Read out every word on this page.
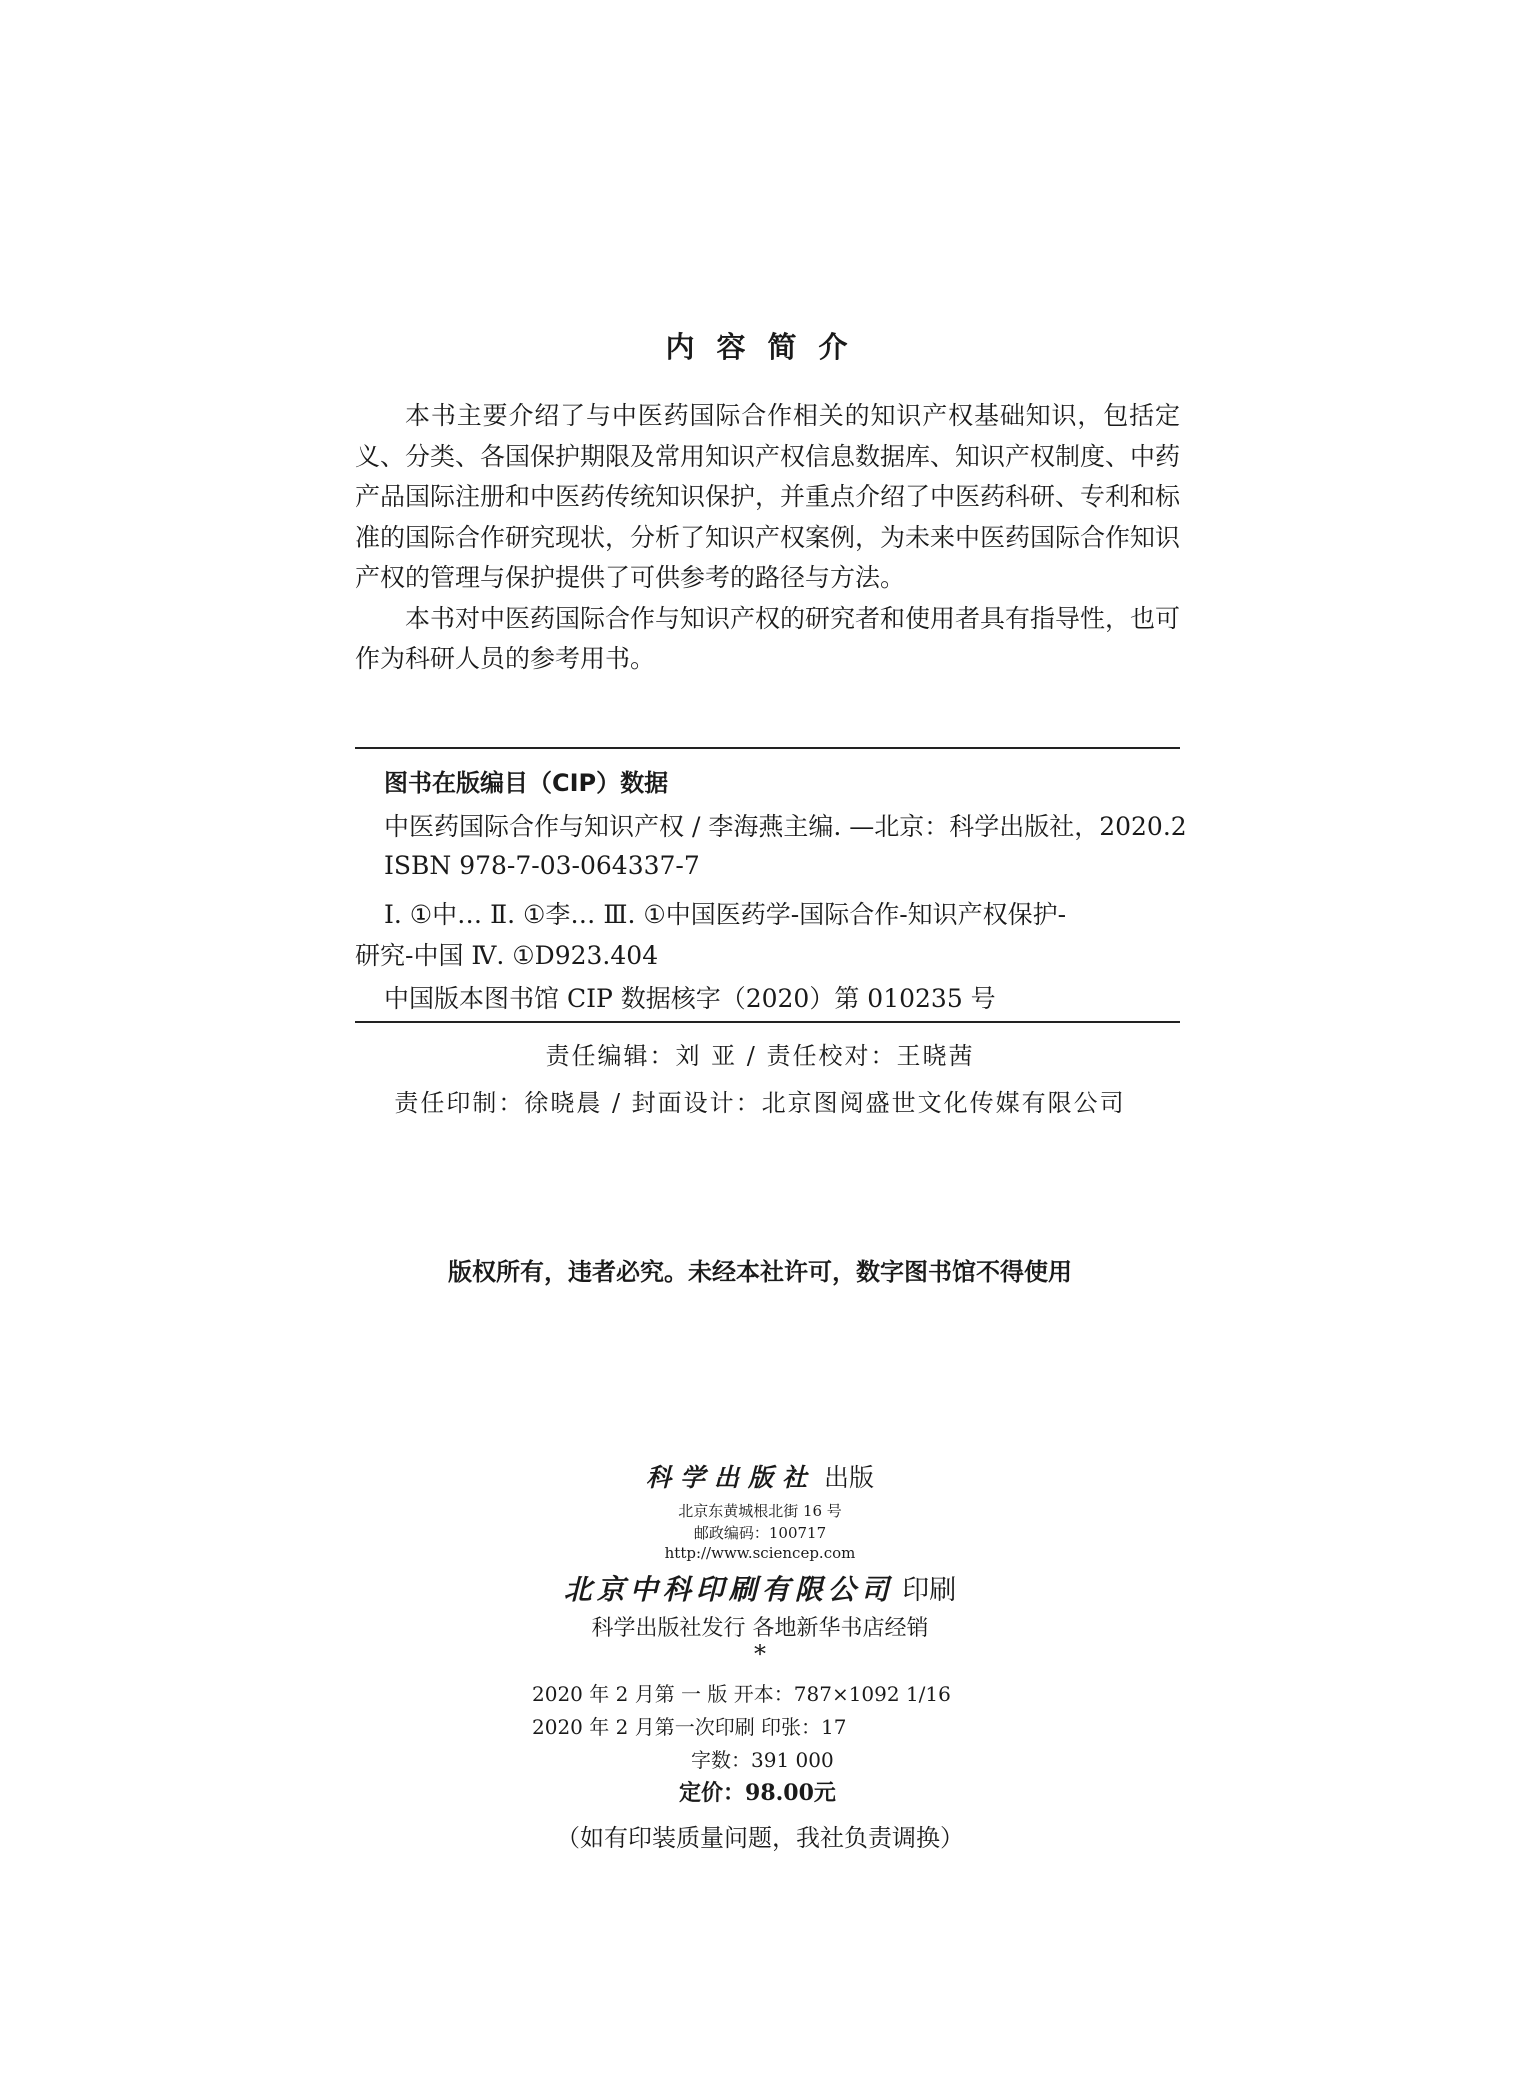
内容简介

本书主要介绍了与中医药国际合作相关的知识产权基础知识，包括定义、分类、各国保护期限及常用知识产权信息数据库、知识产权制度、中药产品国际注册和中医药传统知识保护，并重点介绍了中医药科研、专利和标准的国际合作研究现状，分析了知识产权案例，为未来中医药国际合作知识产权的管理与保护提供了可供参考的路径与方法。

本书对中医药国际合作与知识产权的研究者和使用者具有指导性，也可作为科研人员的参考用书。

图书在版编目（CIP）数据
中医药国际合作与知识产权 / 李海燕主编. —北京：科学出版社，2020.2
ISBN 978-7-03-064337-7
Ⅰ. ①中… Ⅱ. ①李… Ⅲ. ①中国医药学-国际合作-知识产权保护-
研究-中国 Ⅳ. ①D923.404
中国版本图书馆 CIP 数据核字（2020）第 010235 号
责任编辑：刘 亚 / 责任校对：王晓茜
责任印制：徐晓晨 / 封面设计：北京图阅盛世文化传媒有限公司
版权所有，违者必究。未经本社许可，数字图书馆不得使用
科学出版社 出版
北京东黄城根北街 16 号
邮政编码：100717
http://www.sciencep.com
北京中科印刷有限公司 印刷
科学出版社发行 各地新华书店经销
*
2020 年 2 月第 一 版 开本：787×1092 1/16
2020 年 2 月第一次印刷 印张：17
字数：391 000
定价：98.00元
（如有印装质量问题，我社负责调换）
